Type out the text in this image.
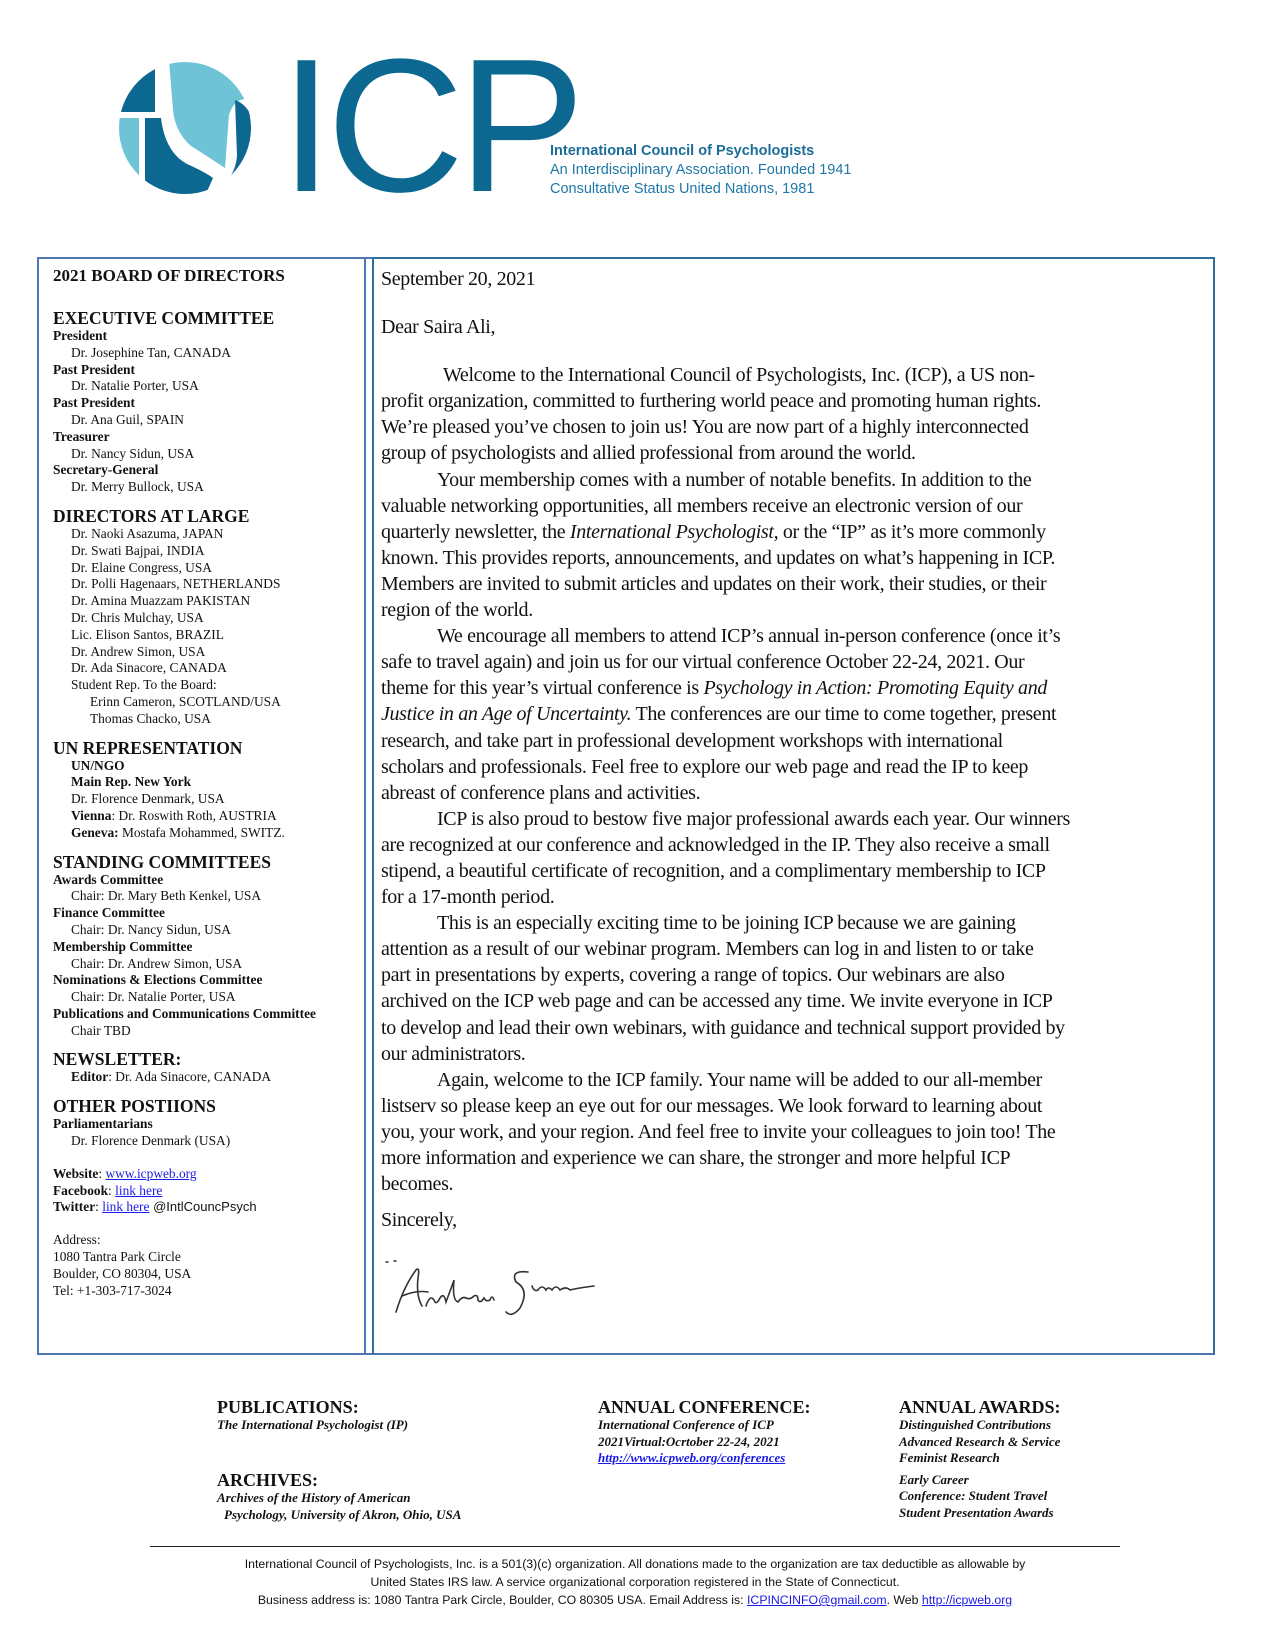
ICP
International Council of Psychologists
An Interdisciplinary Association. Founded 1941
Consultative Status United Nations, 1981
2021 BOARD OF DIRECTORS
EXECUTIVE COMMITTEE
President
Dr. Josephine Tan, CANADA
Past President
Dr. Natalie Porter, USA
Past President
Dr. Ana Guil, SPAIN
Treasurer
Dr. Nancy Sidun, USA
Secretary-General
Dr. Merry Bullock, USA
DIRECTORS AT LARGE
Dr. Naoki Asazuma, JAPAN
Dr. Swati Bajpai, INDIA
Dr. Elaine Congress, USA
Dr. Polli Hagenaars, NETHERLANDS
Dr. Amina Muazzam PAKISTAN
Dr. Chris Mulchay, USA
Lic. Elison Santos, BRAZIL
Dr. Andrew Simon, USA
Dr. Ada Sinacore, CANADA
Student Rep. To the Board:
Erinn Cameron, SCOTLAND/USA
Thomas Chacko, USA
UN REPRESENTATION
UN/NGO
Main Rep. New York
Dr. Florence Denmark, USA
Vienna: Dr. Roswith Roth, AUSTRIA
Geneva: Mostafa Mohammed, SWITZ.
STANDING COMMITTEES
Awards Committee
Chair: Dr. Mary Beth Kenkel, USA
Finance Committee
Chair: Dr. Nancy Sidun, USA
Membership Committee
Chair: Dr. Andrew Simon, USA
Nominations & Elections Committee
Chair: Dr. Natalie Porter, USA
Publications and Communications Committee
Chair TBD
NEWSLETTER:
Editor: Dr. Ada Sinacore, CANADA
OTHER POSTIIONS
Parliamentarians
Dr. Florence Denmark (USA)
Website: www.icpweb.org
Facebook: link here
Twitter: link here @IntlCouncPsych
Address:
1080 Tantra Park Circle
Boulder, CO 80304, USA
Tel: +1-303-717-3024
September 20, 2021
Dear Saira Ali,
Welcome to the International Council of Psychologists, Inc. (ICP), a US non-
profit organization, committed to furthering world peace and promoting human rights.
We’re pleased you’ve chosen to join us! You are now part of a highly interconnected
group of psychologists and allied professional from around the world.
Your membership comes with a number of notable benefits. In addition to the
valuable networking opportunities, all members receive an electronic version of our
quarterly newsletter, the International Psychologist, or the “IP” as it’s more commonly
known. This provides reports, announcements, and updates on what’s happening in ICP.
Members are invited to submit articles and updates on their work, their studies, or their
region of the world.
We encourage all members to attend ICP’s annual in-person conference (once it’s
safe to travel again) and join us for our virtual conference October 22-24, 2021. Our
theme for this year’s virtual conference is Psychology in Action: Promoting Equity and
Justice in an Age of Uncertainty. The conferences are our time to come together, present
research, and take part in professional development workshops with international
scholars and professionals. Feel free to explore our web page and read the IP to keep
abreast of conference plans and activities.
ICP is also proud to bestow five major professional awards each year. Our winners
are recognized at our conference and acknowledged in the IP. They also receive a small
stipend, a beautiful certificate of recognition, and a complimentary membership to ICP
for a 17-month period.
This is an especially exciting time to be joining ICP because we are gaining
attention as a result of our webinar program. Members can log in and listen to or take
part in presentations by experts, covering a range of topics. Our webinars are also
archived on the ICP web page and can be accessed any time. We invite everyone in ICP
to develop and lead their own webinars, with guidance and technical support provided by
our administrators.
Again, welcome to the ICP family. Your name will be added to our all-member
listserv so please keep an eye out for our messages. We look forward to learning about
you, your work, and your region. And feel free to invite your colleagues to join too! The
more information and experience we can share, the stronger and more helpful ICP
becomes.
Sincerely,
PUBLICATIONS:
The International Psychologist (IP)
ARCHIVES:
Archives of the History of American
Psychology, University of Akron, Ohio, USA
ANNUAL CONFERENCE:
International Conference of ICP
2021Virtual:Ocrtober 22-24, 2021
http://www.icpweb.org/conferences
ANNUAL AWARDS:
Distinguished Contributions
Advanced Research & Service
Feminist Research
Early Career
Conference: Student Travel
Student Presentation Awards
International Council of Psychologists, Inc. is a 501(3)(c) organization. All donations made to the organization are tax deductible as allowable by
United States IRS law. A service organizational corporation registered in the State of Connecticut.
Business address is: 1080 Tantra Park Circle, Boulder, CO 80305 USA. Email Address is: ICPINCINFO@gmail.com. Web http://icpweb.org
